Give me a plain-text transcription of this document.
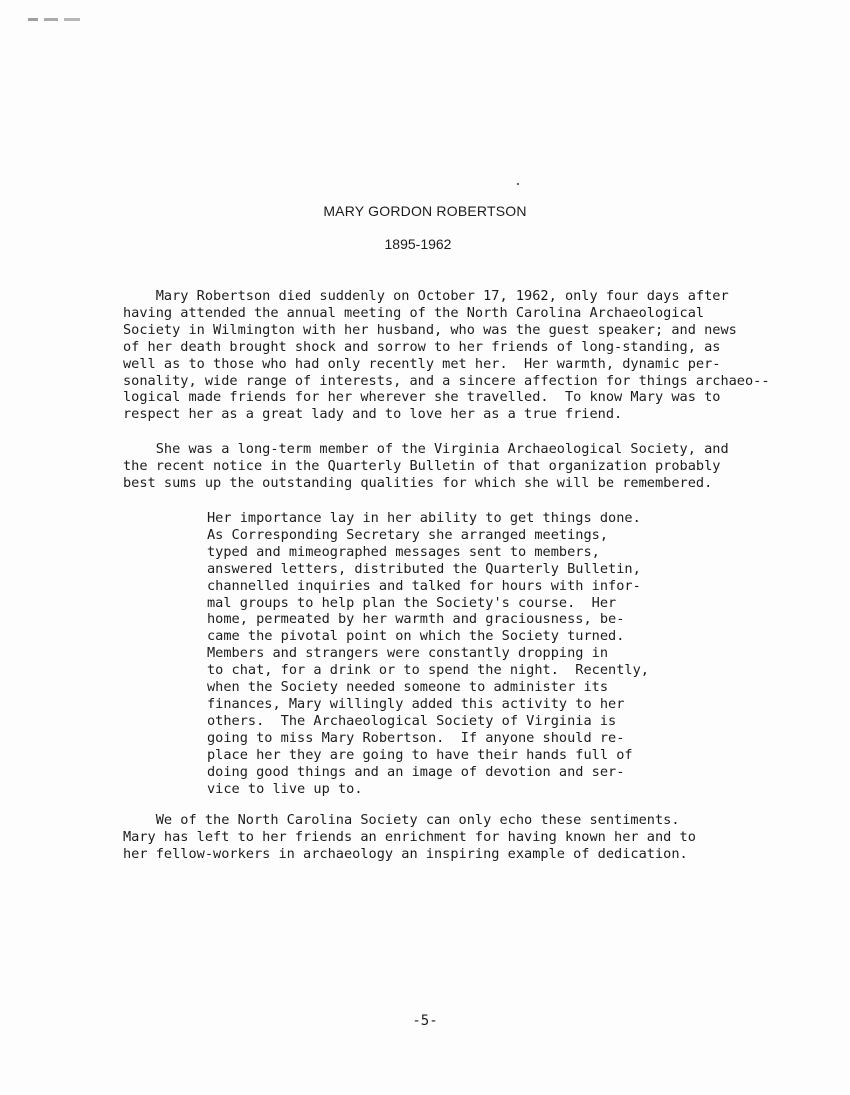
MARY GORDON ROBERTSON
1895-1962

Mary Robertson died suddenly on October 17, 1962, only four days after
having attended the annual meeting of the North Carolina Archaeological
Society in Wilmington with her husband, who was the guest speaker; and news
of her death brought shock and sorrow to her friends of long-standing, as
well as to those who had only recently met her.  Her warmth, dynamic per-
sonality, wide range of interests, and a sincere affection for things archaeo--
logical made friends for her wherever she travelled.  To know Mary was to
respect her as a great lady and to love her as a true friend.

She was a long-term member of the Virginia Archaeological Society, and
the recent notice in the Quarterly Bulletin of that organization probably
best sums up the outstanding qualities for which she will be remembered.

Her importance lay in her ability to get things done.
As Corresponding Secretary she arranged meetings,
typed and mimeographed messages sent to members,
answered letters, distributed the Quarterly Bulletin,
channelled inquiries and talked for hours with infor-
mal groups to help plan the Society's course.  Her
home, permeated by her warmth and graciousness, be-
came the pivotal point on which the Society turned.
Members and strangers were constantly dropping in
to chat, for a drink or to spend the night.  Recently,
when the Society needed someone to administer its
finances, Mary willingly added this activity to her
others.  The Archaeological Society of Virginia is
going to miss Mary Robertson.  If anyone should re-
place her they are going to have their hands full of
doing good things and an image of devotion and ser-
vice to live up to.

We of the North Carolina Society can only echo these sentiments.
Mary has left to her friends an enrichment for having known her and to
her fellow-workers in archaeology an inspiring example of dedication.

-5-
